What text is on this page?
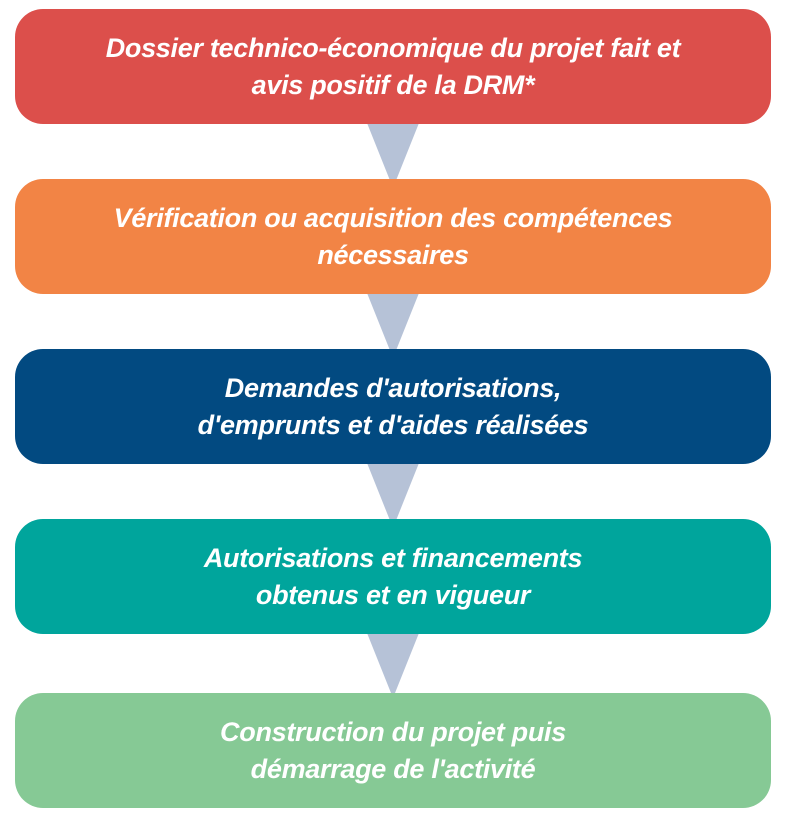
Dossier technico-économique du projet fait et
avis positif de la DRM*
Vérification ou acquisition des compétences
nécessaires
Demandes d'autorisations,
d'emprunts et d'aides réalisées
Autorisations et financements
obtenus et en vigueur
Construction du projet puis
démarrage de l'activité
